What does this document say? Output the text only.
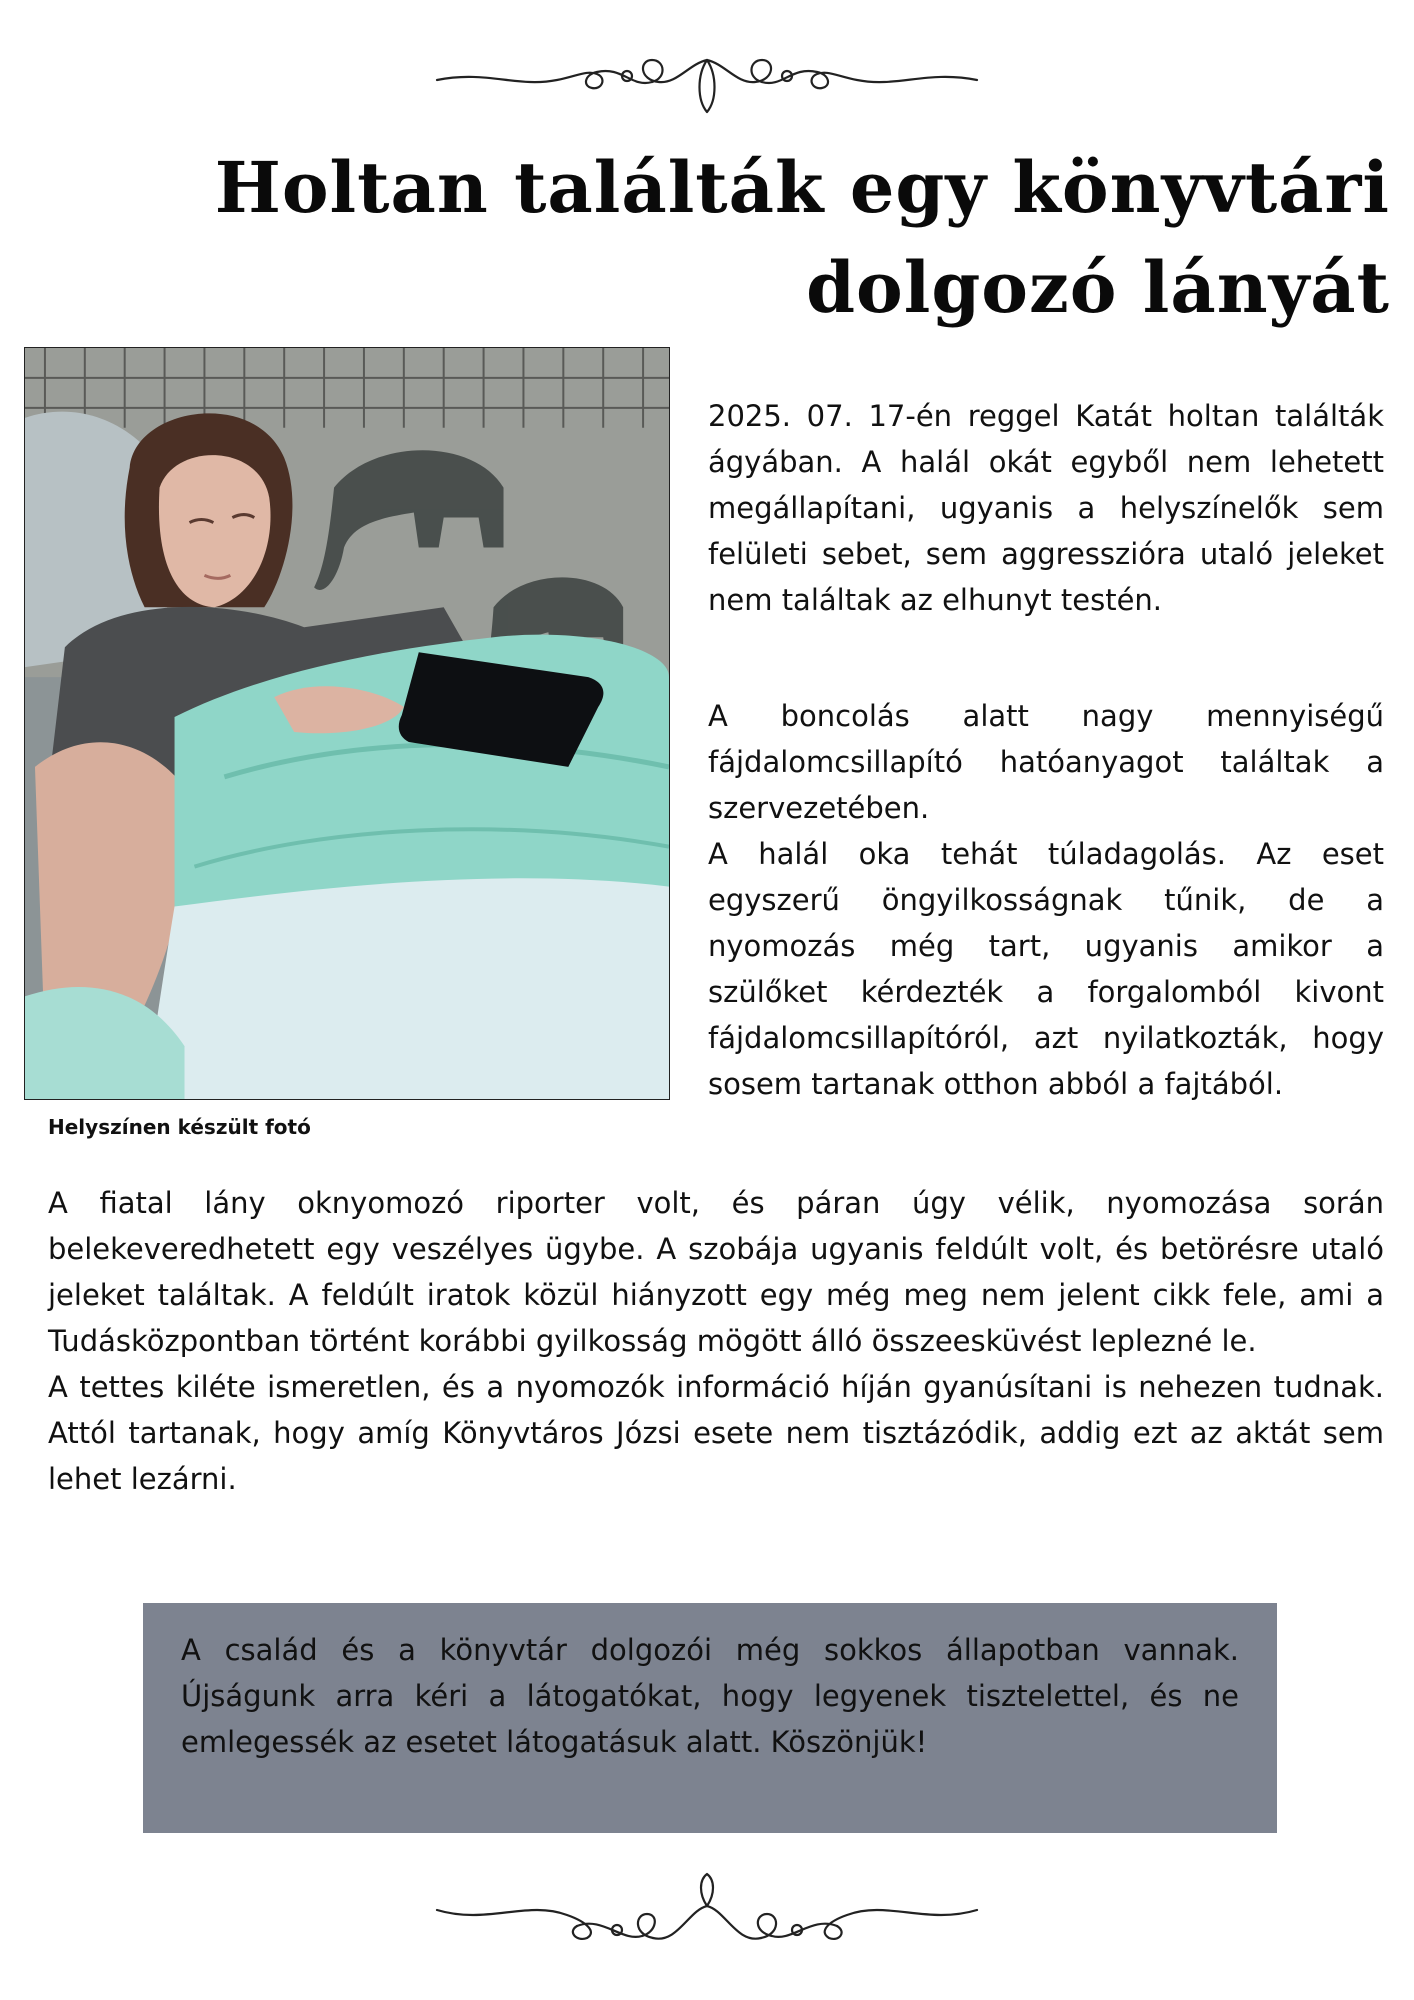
Holtan találták egy könyvtári dolgozó lányát
Helyszínen készült fotó

2025. 07. 17-én reggel Katát holtan találták ágyában. A halál okát egyből nem lehetett megállapítani, ugyanis a helyszínelők sem felületi sebet, sem aggresszióra utaló jeleket nem találtak az elhunyt testén.

A boncolás alatt nagy mennyiségű fájdalomcsillapító hatóanyagot találtak a szervezetében.
A halál oka tehát túladagolás. Az eset egyszerű öngyilkosságnak tűnik, de a nyomozás még tart, ugyanis amikor a szülőket kérdezték a forgalomból kivont fájdalomcsillapítóról, azt nyilatkozták, hogy sosem tartanak otthon abból a fajtából.
A fiatal lány oknyomozó riporter volt, és páran úgy vélik, nyomozása során belekeveredhetett egy veszélyes ügybe. A szobája ugyanis feldúlt volt, és betörésre utaló jeleket találtak. A feldúlt iratok közül hiányzott egy még meg nem jelent cikk fele, ami a Tudásközpontban történt korábbi gyilkosság mögött álló összeesküvést leplezné le.
A tettes kiléte ismeretlen, és a nyomozók információ híján gyanúsítani is nehezen tudnak. Attól tartanak, hogy amíg Könyvtáros Józsi esete nem tisztázódik, addig ezt az aktát sem lehet lezárni.

A család és a könyvtár dolgozói még sokkos állapotban vannak. Újságunk arra kéri a látogatókat, hogy legyenek tisztelettel, és ne emlegessék az esetet látogatásuk alatt. Köszönjük!
